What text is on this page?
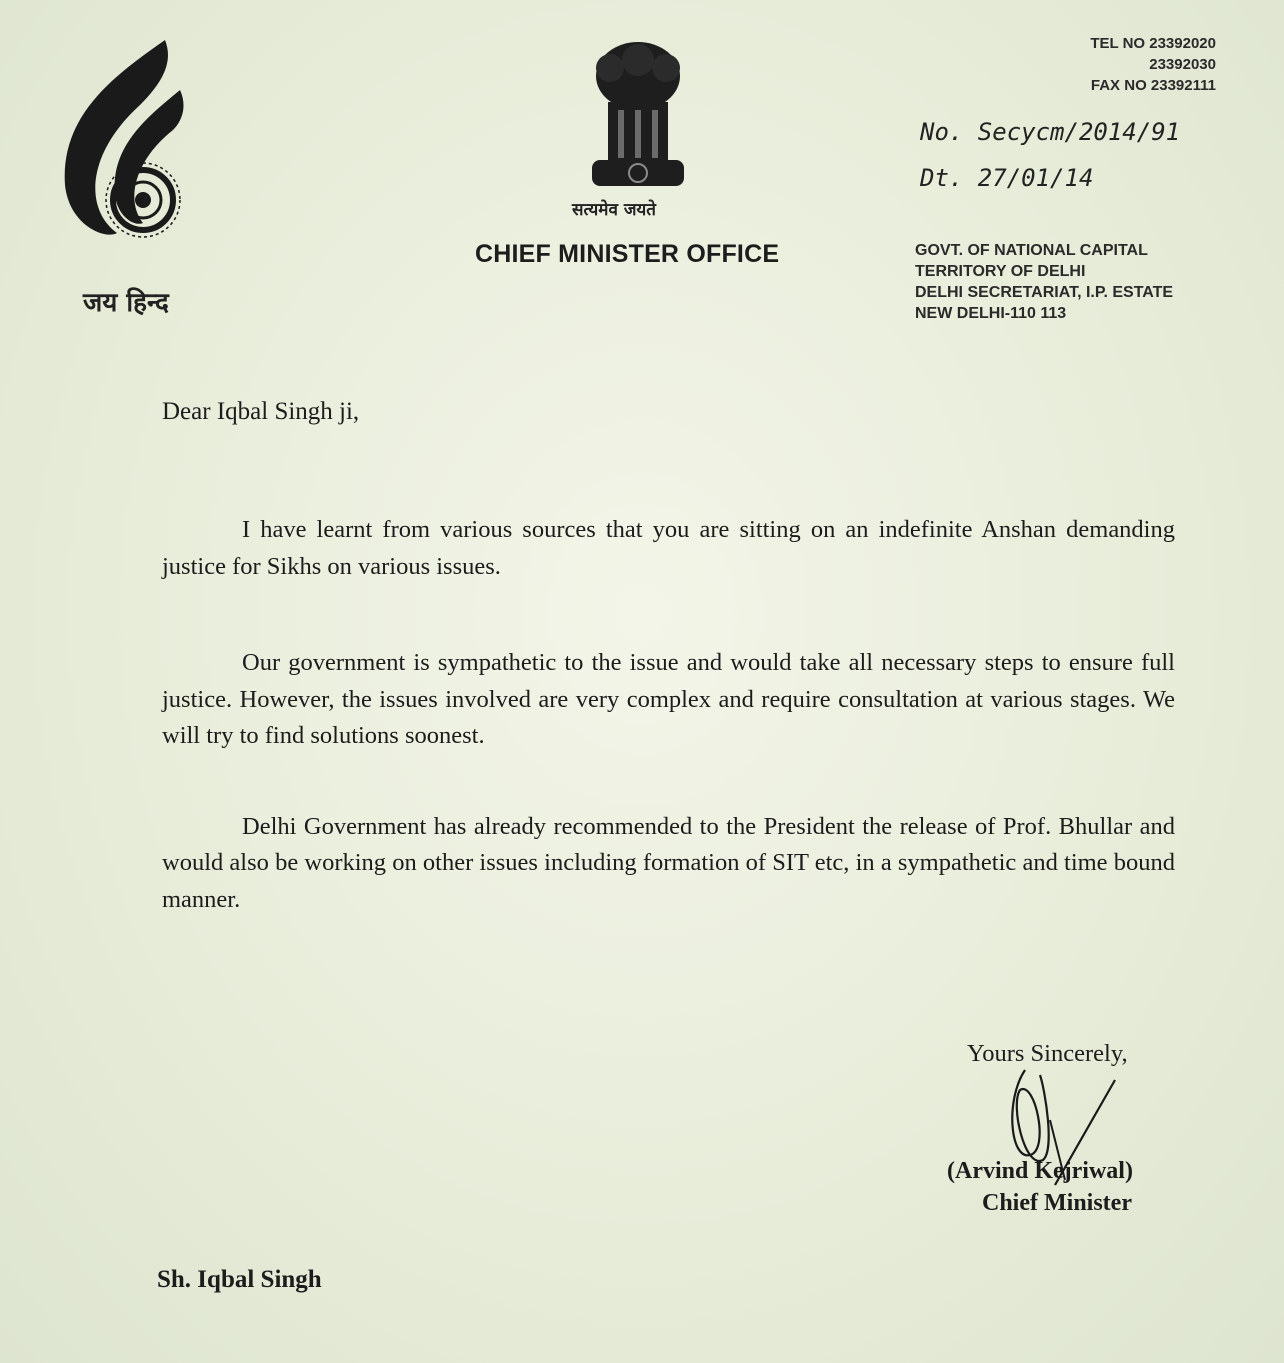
जय हिन्द
सत्यमेव जयते
CHIEF MINISTER OFFICE
TEL NO 23392020
23392030
FAX NO 23392111
No. Secycm/2014/91
Dt. 27/01/14
GOVT. OF NATIONAL CAPITAL
TERRITORY OF DELHI
DELHI SECRETARIAT, I.P. ESTATE
NEW DELHI-110 113
Dear Iqbal Singh ji,

I have learnt from various sources that you are sitting on an indefinite Anshan demanding justice for Sikhs on various issues.

Our government is sympathetic to the issue and would take all necessary steps to ensure full justice. However, the issues involved are very complex and require consultation at various stages. We will try to find solutions soonest.

Delhi Government has already recommended to the President the release of Prof. Bhullar and would also be working on other issues including formation of SIT etc, in a sympathetic and time bound manner.

Yours Sincerely,
(Arvind Kejriwal)
Chief Minister
Sh. Iqbal Singh
